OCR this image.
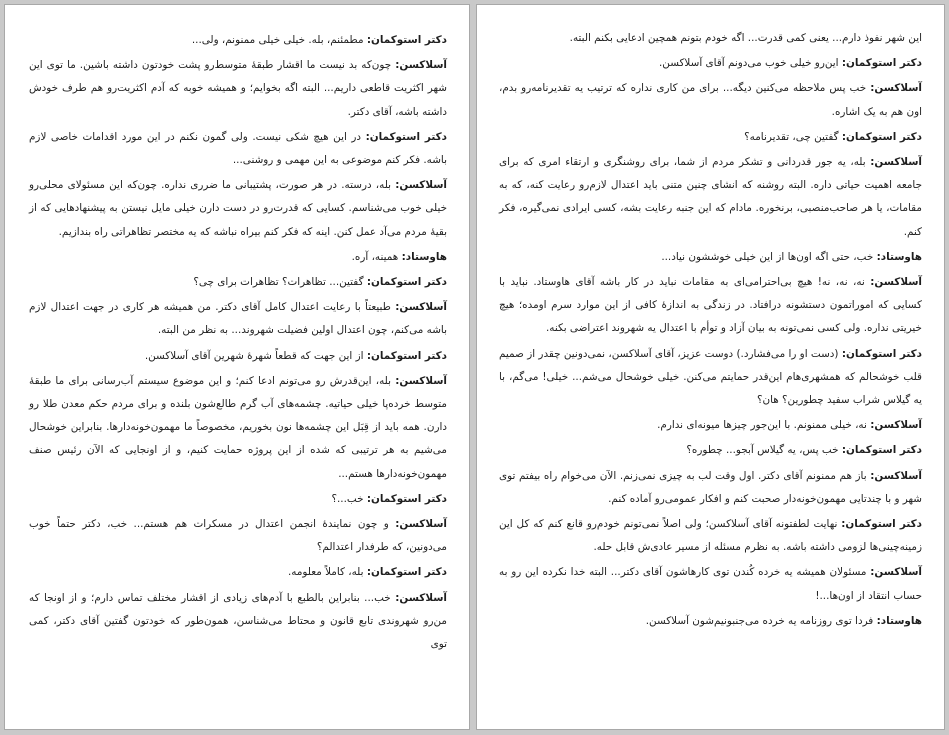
دکتر استوکمان: مطمئنم، بله. خیلی خیلی ممنونم، ولی...

آسلاکسن: چون‌که بد نیست ما اقشار طبقهٔ متوسط‌رو پشت خودتون داشته باشین. ما توی این شهر اکثریت قاطعی داریم... البته اگه بخوایم؛ و همیشه خوبه که آدم اکثریت‌رو هم طرف خودش داشته باشه، آقای دکتر.

دکتر استوکمان: در این هیچ شکی نیست. ولی گمون نکنم در این مورد اقدامات خاصی لازم باشه. فکر کنم موضوعی به این مهمی و روشنی...

آسلاکسن: بله، درسته. در هر صورت، پشتیبانی ما ضرری نداره. چون‌که این مسئولای محلی‌رو خیلی خوب می‌شناسم. کسایی که قدرت‌رو در دست دارن خیلی مایل نیستن به پیشنهادهایی که از بقیهٔ مردم می‌آد عمل کنن. اینه که فکر کنم بیراه نباشه که یه مختصر تظاهراتی راه بندازیم.

هاوستاد: همینه، آره.

دکتر استوکمان: گفتین... تظاهرات؟ تظاهرات برای چی؟

آسلاکسن: طبیعتاً با رعایت اعتدال کامل آقای دکتر. من همیشه هر کاری در جهت اعتدال لازم باشه می‌کنم، چون اعتدال اولین فضیلت شهروند... به نظر من البته.

دکتر استوکمان: از این جهت که قطعاً شهرهٔ شهرین آقای آسلاکسن.

آسلاکسن: بله، این‌قدرش رو می‌تونم ادعا کنم؛ و این موضوع سیستم آب‌رسانی برای ما طبقهٔ متوسط خرده‌پا خیلی حیاتیه. چشمه‌های آب گرم طالع‌شون بلنده و برای مردم حکم معدن طلا رو دارن. همه باید از قِبَل این چشمه‌ها نون بخوریم، مخصوصاً ما مهمون‌خونه‌دارها. بنابراین خوشحال می‌شیم به هر ترتیبی که شده از این پروژه حمایت کنیم، و از اونجایی که الآن رئیس صنف مهمون‌خونه‌دارها هستم...

دکتر استوکمان: خب...؟

آسلاکسن: و چون نمایندهٔ انجمن اعتدال در مسکرات هم هستم... خب، دکتر حتماً خوب می‌دونین، که طرفدار اعتدالم؟

دکتر استوکمان: بله، کاملاً معلومه.

آسلاکسن: خب... بنابراین بالطبع با آدم‌های زیادی از اقشار مختلف تماس دارم؛ و از اونجا که من‌رو شهروندی تابع قانون و محتاط می‌شناسن، همون‌طور که خودتون گفتین آقای دکتر، کمی توی

این شهر نفوذ دارم... یعنی کمی قدرت... اگه خودم بتونم همچین ادعایی بکنم البته.

دکتر استوکمان: این‌رو خیلی خوب می‌دونم آقای آسلاکسن.

آسلاکسن: خب پس ملاحظه می‌کنین دیگه... برای من کاری نداره که ترتیب یه تقدیرنامه‌رو بدم، اون هم به یک اشاره.

دکتر استوکمان: گفتین چی، تقدیرنامه؟

آسلاکسن: بله، یه جور قدردانی و تشکر مردم از شما، برای روشنگری و ارتقاء امری که برای جامعه اهمیت حیاتی داره. البته روشنه که انشای چنین متنی باید اعتدال لازم‌رو رعایت کنه، که به مقامات، یا هر صاحب‌منصبی، برنخوره. مادام که این جنبه رعایت بشه، کسی ایرادی نمی‌گیره، فکر کنم.

هاوستاد: خب، حتی اگه اون‌ها از این خیلی خوششون نیاد...

آسلاکسن: نه، نه، نه! هیچ بی‌احترامی‌ای به مقامات نباید در کار باشه آقای هاوستاد. نباید با کسایی که اموراتمون دستشونه درافتاد. در زندگی به اندازهٔ کافی از این موارد سرم اومده؛ هیچ خیریتی نداره. ولی کسی نمی‌تونه به بیان آزاد و توأم با اعتدال یه شهروند اعتراضی بکنه.

دکتر استوکمان: (دست او را می‌فشارد.) دوست عزیز، آقای آسلاکسن، نمی‌دونین چقدر از صمیم قلب خوشحالم که همشهری‌هام این‌قدر حمایتم می‌کنن. خیلی خوشحال می‌شم... خیلی! می‌گم، با یه گیلاس شراب سفید چطورین؟ هان؟

آسلاکسن: نه، خیلی ممنونم. با این‌جور چیزها میونه‌ای ندارم.

دکتر استوکمان: خب پس، یه گیلاس آبجو... چطوره؟

آسلاکسن: باز هم ممنونم آقای دکتر. اول وقت لب به چیزی نمی‌زنم. الآن می‌خوام راه بیفتم توی شهر و با چندتایی مهمون‌خونه‌دار صحبت کنم و افکار عمومی‌رو آماده کنم.

دکتر استوکمان: نهایت لطفتونه آقای آسلاکسن؛ ولی اصلاً نمی‌تونم خودم‌رو قانع کنم که کل این زمینه‌چینی‌ها لزومی داشته باشه. به نظرم مسئله از مسیر عادی‌ش قابل حله.

آسلاکسن: مسئولان همیشه یه خرده کُندن توی کارهاشون آقای دکتر... البته خدا نکرده این رو به حساب انتقاد از اون‌ها...!

هاوستاد: فردا توی روزنامه یه خرده می‌جنبونیم‌شون آسلاکسن.
